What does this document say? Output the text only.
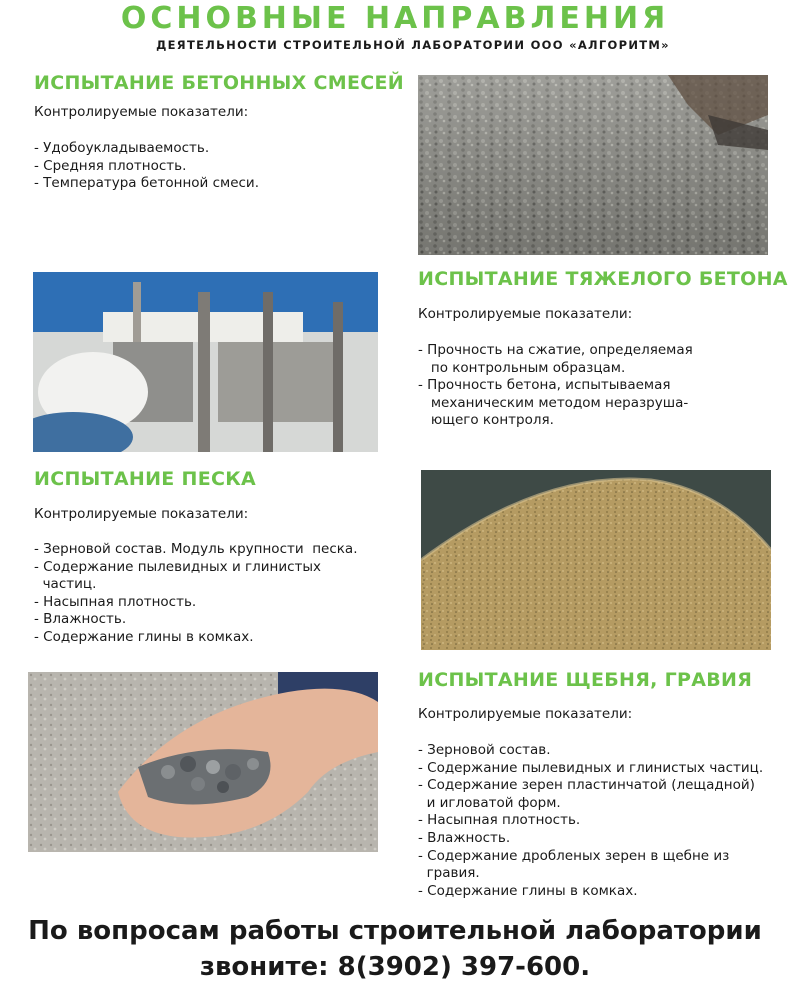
ОСНОВНЫЕ НАПРАВЛЕНИЯ
ДЕЯТЕЛЬНОСТИ СТРОИТЕЛЬНОЙ ЛАБОРАТОРИИ ООО «АЛГОРИТМ»
ИСПЫТАНИЕ БЕТОННЫХ СМЕСЕЙ
Контролируемые показатели:
- Удобоукладываемость.
- Средняя плотность.
- Температура бетонной смеси.
ИСПЫТАНИЕ ТЯЖЕЛОГО БЕТОНА
Контролируемые показатели:
- Прочность на сжатие, определяемая
по контрольным образцам.
- Прочность бетона, испытываемая
механическим методом неразруша-
ющего контроля.
ИСПЫТАНИЕ ПЕСКА
Контролируемые показатели:
- Зерновой состав. Модуль крупности  песка.
- Содержание пылевидных и глинистых
частиц.
- Насыпная плотность.
- Влажность.
- Содержание глины в комках.
ИСПЫТАНИЕ ЩЕБНЯ, ГРАВИЯ
Контролируемые показатели:
- Зерновой состав.
- Содержание пылевидных и глинистых частиц.
- Содержание зерен пластинчатой (лещадной)
и игловатой форм.
- Насыпная плотность.
- Влажность.
- Содержание дробленых зерен в щебне из
гравия.
- Содержание глины в комках.
По вопросам работы строительной лаборатории
звоните: 8(3902) 397-600.
